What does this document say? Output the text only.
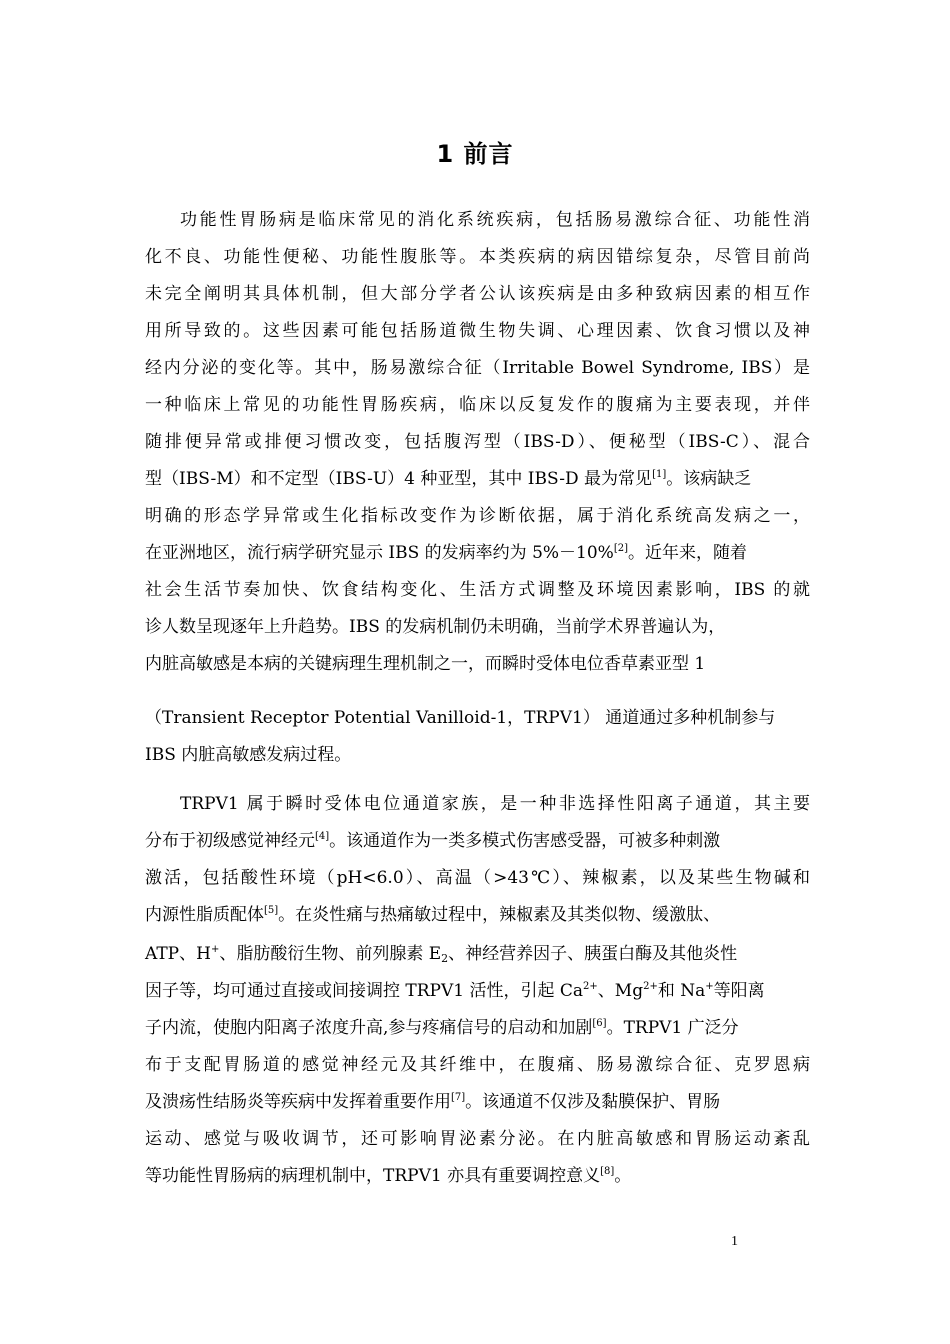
1 前言
功能性胃肠病是临床常见的消化系统疾病，包括肠易激综合征、功能性消
化不良、功能性便秘、功能性腹胀等。本类疾病的病因错综复杂，尽管目前尚
未完全阐明其具体机制，但大部分学者公认该疾病是由多种致病因素的相互作
用所导致的。这些因素可能包括肠道微生物失调、心理因素、饮食习惯以及神
经内分泌的变化等。其中，肠易激综合征（Irritable Bowel Syndrome, IBS）是
一种临床上常见的功能性胃肠疾病，临床以反复发作的腹痛为主要表现，并伴
随排便异常或排便习惯改变，包括腹泻型（IBS-D）、便秘型（IBS-C）、混合
型（IBS-M）和不定型（IBS-U）4 种亚型，其中 IBS-D 最为常见[1]。该病缺乏
明确的形态学异常或生化指标改变作为诊断依据，属于消化系统高发病之一，
在亚洲地区，流行病学研究显示 IBS 的发病率约为 5%－10%[2]。近年来，随着
社会生活节奏加快、饮食结构变化、生活方式调整及环境因素影响，IBS 的就
诊人数呈现逐年上升趋势。IBS 的发病机制仍未明确，当前学术界普遍认为，
内脏高敏感是本病的关键病理生理机制之一，而瞬时受体电位香草素亚型 1
（Transient Receptor Potential Vanilloid-1，TRPV1） 通道通过多种机制参与
IBS 内脏高敏感发病过程。
TRPV1 属于瞬时受体电位通道家族，是一种非选择性阳离子通道，其主要
分布于初级感觉神经元[4]。该通道作为一类多模式伤害感受器，可被多种刺激
激活，包括酸性环境（pH<6.0）、高温（>43℃）、辣椒素，以及某些生物碱和
内源性脂质配体[5]。在炎性痛与热痛敏过程中，辣椒素及其类似物、缓激肽、
ATP、H+、脂肪酸衍生物、前列腺素 $E_2$、神经营养因子、胰蛋白酶及其他炎性
因子等，均可通过直接或间接调控 TRPV1 活性，引起 $Ca^{2+}$、$Mg^{2+}$和 Na+等阳离
子内流，使胞内阳离子浓度升高,参与疼痛信号的启动和加剧[6]。TRPV1 广泛分
布于支配胃肠道的感觉神经元及其纤维中，在腹痛、肠易激综合征、克罗恩病
及溃疡性结肠炎等疾病中发挥着重要作用[7]。该通道不仅涉及黏膜保护、胃肠
运动、感觉与吸收调节，还可影响胃泌素分泌。在内脏高敏感和胃肠运动紊乱
等功能性胃肠病的病理机制中，TRPV1 亦具有重要调控意义[8]。
1
